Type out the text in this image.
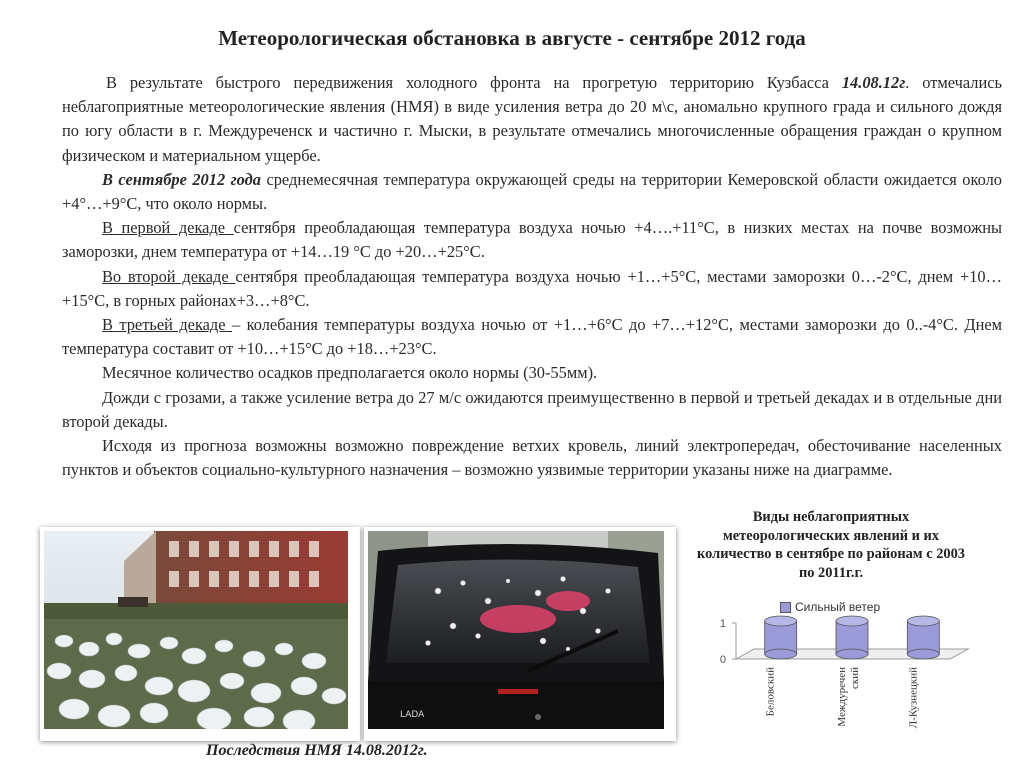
Метеорологическая обстановка в августе - сентябре 2012 года

В результате быстрого передвижения холодного фронта на прогретую территорию Кузбасса 14.08.12г. отмечались неблагоприятные метеорологические явления (НМЯ) в виде усиления ветра до 20 м\с, аномально крупного града и сильного дождя по югу области в г. Междуреченск и частично г. Мыски, в результате отмечались многочисленные обращения граждан о крупном физическом и материальном ущербе.

В сентябре 2012 года среднемесячная температура окружающей среды на территории Кемеровской области ожидается около +4°…+9°С, что около нормы.

В первой декаде сентября преобладающая температура воздуха ночью +4….+11°С, в низких местах на почве возможны заморозки, днем температура от +14…19 °С до +20…+25°С.

Во второй декаде сентября преобладающая температура воздуха ночью +1…+5°С, местами заморозки 0…-2°С, днем +10…+15°С, в горных районах+3…+8°С.

В третьей декаде – колебания температуры воздуха ночью от +1…+6°С до +7…+12°С, местами заморозки до 0..-4°С. Днем температура составит от +10…+15°С до +18…+23°С.

Месячное количество осадков предполагается около нормы (30-55мм).

Дожди с грозами, а также усиление ветра до 27 м/с ожидаются преимущественно в первой и третьей декадах и в отдельные дни второй декады.

Исходя из прогноза возможны возможно повреждение ветхих кровель, линий электропередач, обесточивание населенных пунктов и объектов социально-культурного назначения – возможно уязвимые территории указаны ниже на диаграмме.

LADA
Последствия НМЯ 14.08.2012г.
Виды неблагоприятных метеорологических явлений и их количество в сентябре по районам с 2003 по 2011г.г.
Сильный ветер
0
1
Беловский	Междуречен ский	Л-Кузнецкий
